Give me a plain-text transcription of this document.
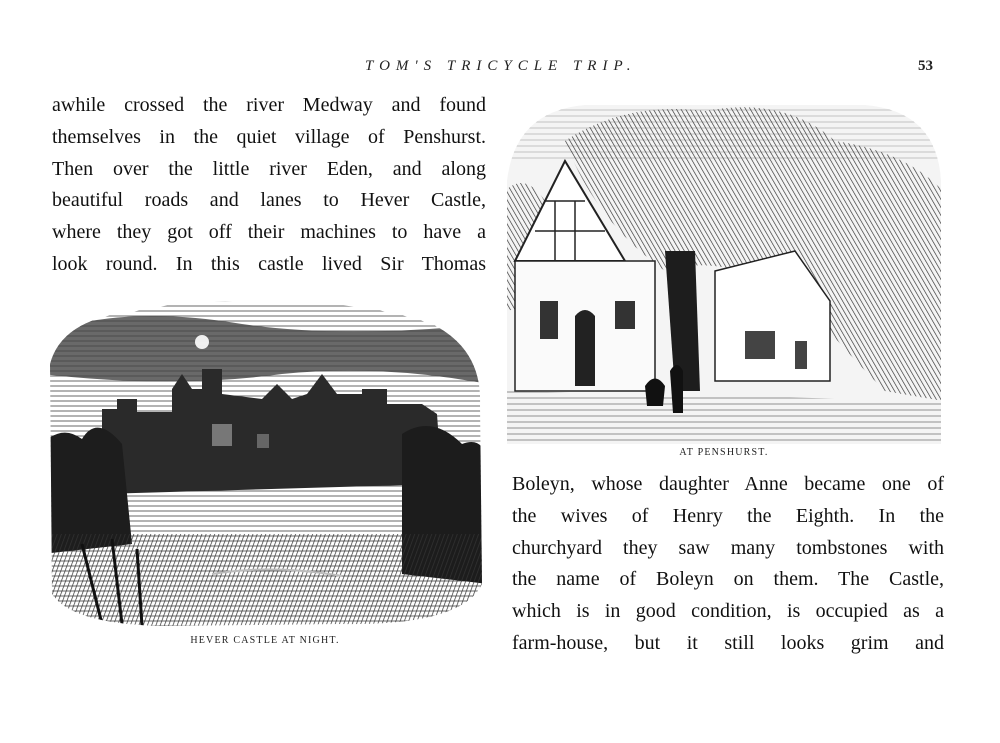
TOM'S TRICYCLE TRIP.	53
awhile crossed the river Medway and found
themselves in the quiet village of Penshurst.
Then over the little river Eden, and along
beautiful roads and lanes to Hever Castle,
where they got off their machines to have a
look round. In this castle lived Sir Thomas
HEVER CASTLE AT NIGHT.
AT PENSHURST.
Boleyn, whose daughter Anne became one of
the wives of Henry the Eighth. In the
churchyard they saw many tombstones with
the name of Boleyn on them. The Castle,
which is in good condition, is occupied as a
farm-house, but it still looks grim and
